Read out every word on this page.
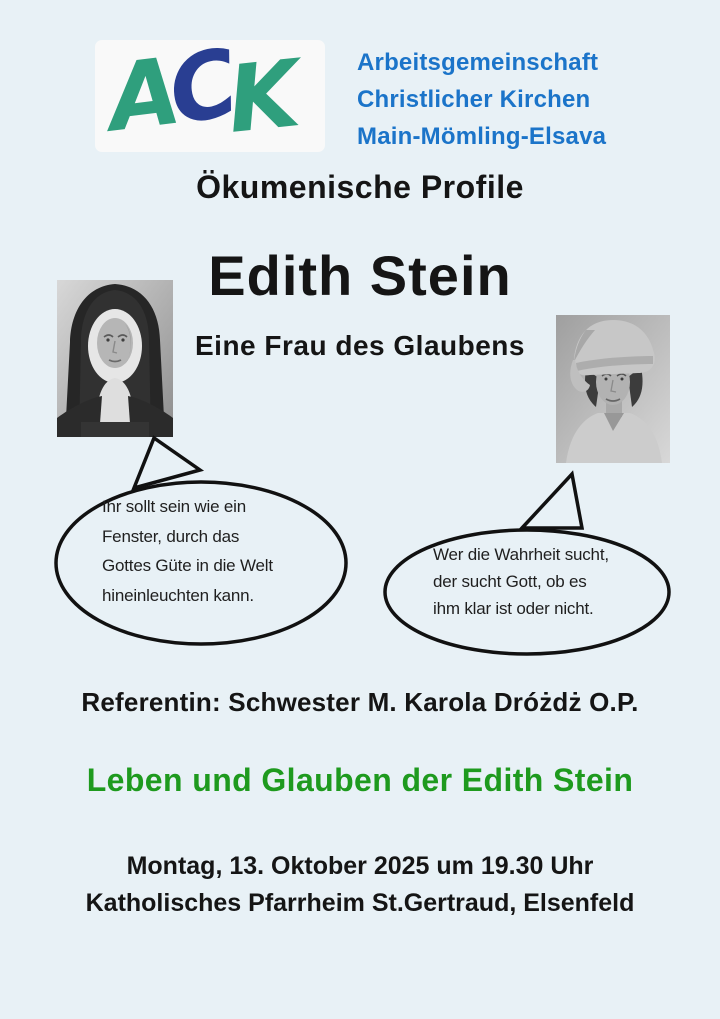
ACK	Arbeitsgemeinschaft
Christlicher Kirchen
Main-Mömling-Elsava
Ökumenische Profile
Edith Stein
Eine Frau des Glaubens
Ihr sollt sein wie ein
Fenster, durch das
Gottes Güte in die Welt
hineinleuchten kann.
Wer die Wahrheit sucht,
der sucht Gott, ob es
ihm klar ist oder nicht.
Referentin: Schwester M. Karola Dróżdż O.P.
Leben und Glauben der Edith Stein
Montag, 13. Oktober 2025 um 19.30 Uhr
Katholisches Pfarrheim St.Gertraud, Elsenfeld
